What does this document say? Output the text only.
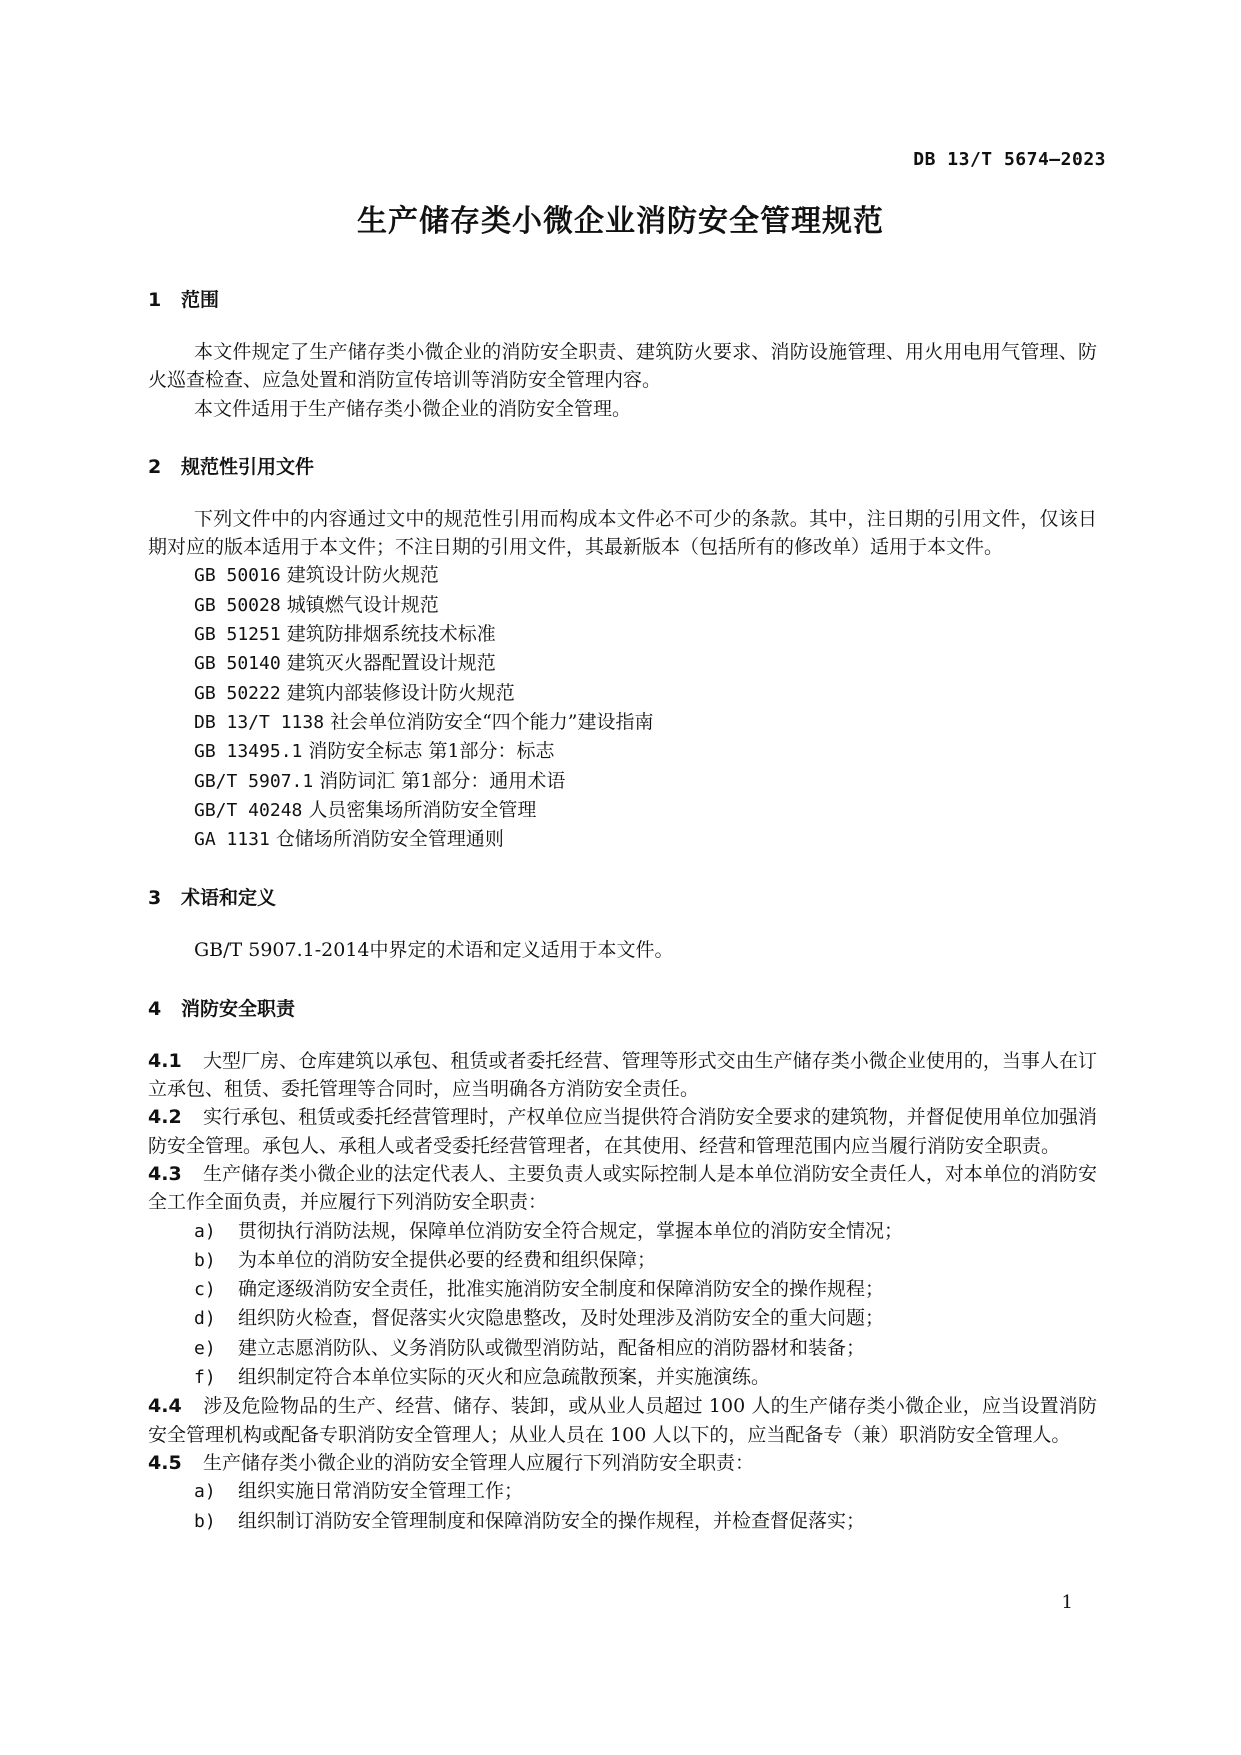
DB 13/T 5674—2023
生产储存类小微企业消防安全管理规范
1 范围

本文件规定了生产储存类小微企业的消防安全职责、建筑防火要求、消防设施管理、用火用电用气管理、防火巡查检查、应急处置和消防宣传培训等消防安全管理内容。

本文件适用于生产储存类小微企业的消防安全管理。

2 规范性引用文件

下列文件中的内容通过文中的规范性引用而构成本文件必不可少的条款。其中，注日期的引用文件，仅该日期对应的版本适用于本文件；不注日期的引用文件，其最新版本（包括所有的修改单）适用于本文件。

GB 50016 建筑设计防火规范
GB 50028 城镇燃气设计规范
GB 51251 建筑防排烟系统技术标准
GB 50140 建筑灭火器配置设计规范
GB 50222 建筑内部装修设计防火规范
DB 13/T 1138 社会单位消防安全“四个能力”建设指南
GB 13495.1 消防安全标志 第1部分：标志
GB/T 5907.1 消防词汇 第1部分：通用术语
GB/T 40248 人员密集场所消防安全管理
GA 1131 仓储场所消防安全管理通则
3 术语和定义

GB/T 5907.1-2014中界定的术语和定义适用于本文件。

4 消防安全职责

4.1 大型厂房、仓库建筑以承包、租赁或者委托经营、管理等形式交由生产储存类小微企业使用的，当事人在订立承包、租赁、委托管理等合同时，应当明确各方消防安全责任。

4.2 实行承包、租赁或委托经营管理时，产权单位应当提供符合消防安全要求的建筑物，并督促使用单位加强消防安全管理。承包人、承租人或者受委托经营管理者，在其使用、经营和管理范围内应当履行消防安全职责。

4.3 生产储存类小微企业的法定代表人、主要负责人或实际控制人是本单位消防安全责任人，对本单位的消防安全工作全面负责，并应履行下列消防安全职责：

a) 贯彻执行消防法规，保障单位消防安全符合规定，掌握本单位的消防安全情况；
b) 为本单位的消防安全提供必要的经费和组织保障；
c) 确定逐级消防安全责任，批准实施消防安全制度和保障消防安全的操作规程；
d) 组织防火检查，督促落实火灾隐患整改，及时处理涉及消防安全的重大问题；
e) 建立志愿消防队、义务消防队或微型消防站，配备相应的消防器材和装备；
f) 组织制定符合本单位实际的灭火和应急疏散预案，并实施演练。

4.4 涉及危险物品的生产、经营、储存、装卸，或从业人员超过 100 人的生产储存类小微企业，应当设置消防安全管理机构或配备专职消防安全管理人；从业人员在 100 人以下的，应当配备专（兼）职消防安全管理人。

4.5 生产储存类小微企业的消防安全管理人应履行下列消防安全职责：

a) 组织实施日常消防安全管理工作；
b) 组织制订消防安全管理制度和保障消防安全的操作规程，并检查督促落实；
1
